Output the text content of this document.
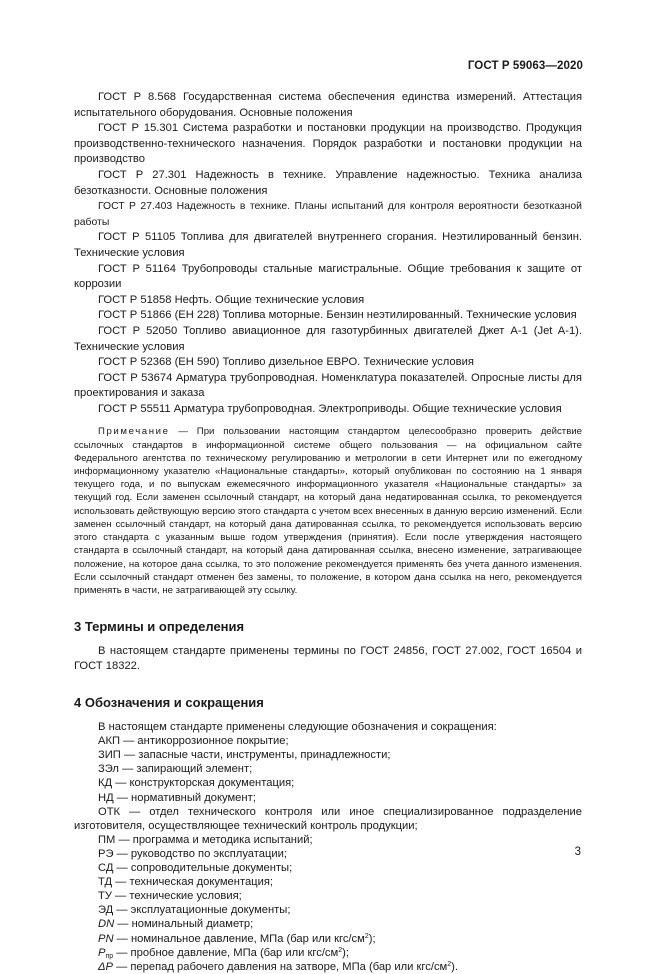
ГОСТ Р 59063—2020

ГОСТ Р 8.568 Государственная система обеспечения единства измерений. Аттестация испытательного оборудования. Основные положения

ГОСТ Р 15.301 Система разработки и постановки продукции на производство. Продукция производственно-технического назначения. Порядок разработки и постановки продукции на производство

ГОСТ Р 27.301 Надежность в технике. Управление надежностью. Техника анализа безотказности. Основные положения

ГОСТ Р 27.403 Надежность в технике. Планы испытаний для контроля вероятности безотказной работы

ГОСТ Р 51105 Топлива для двигателей внутреннего сгорания. Неэтилированный бензин. Технические условия

ГОСТ Р 51164 Трубопроводы стальные магистральные. Общие требования к защите от коррозии

ГОСТ Р 51858 Нефть. Общие технические условия

ГОСТ Р 51866 (ЕН 228) Топлива моторные. Бензин неэтилированный. Технические условия

ГОСТ Р 52050 Топливо авиационное для газотурбинных двигателей Джет А-1 (Jet A-1). Технические условия

ГОСТ Р 52368 (ЕН 590) Топливо дизельное ЕВРО. Технические условия

ГОСТ Р 53674 Арматура трубопроводная. Номенклатура показателей. Опросные листы для проектирования и заказа

ГОСТ Р 55511 Арматура трубопроводная. Электроприводы. Общие технические условия

Примечание — При пользовании настоящим стандартом целесообразно проверить действие ссылочных стандартов в информационной системе общего пользования — на официальном сайте Федерального агентства по техническому регулированию и метрологии в сети Интернет или по ежегодному информационному указателю «Национальные стандарты», который опубликован по состоянию на 1 января текущего года, и по выпускам ежемесячного информационного указателя «Национальные стандарты» за текущий год. Если заменен ссылочный стандарт, на который дана недатированная ссылка, то рекомендуется использовать действующую версию этого стандарта с учетом всех внесенных в данную версию изменений. Если заменен ссылочный стандарт, на который дана датированная ссылка, то рекомендуется использовать версию этого стандарта с указанным выше годом утверждения (принятия). Если после утверждения настоящего стандарта в ссылочный стандарт, на который дана датированная ссылка, внесено изменение, затрагивающее положение, на которое дана ссылка, то это положение рекомендуется применять без учета данного изменения. Если ссылочный стандарт отменен без замены, то положение, в котором дана ссылка на него, рекомендуется применять в части, не затрагивающей эту ссылку.

3 Термины и определения

В настоящем стандарте применены термины по ГОСТ 24856, ГОСТ 27.002, ГОСТ 16504 и ГОСТ 18322.

4 Обозначения и сокращения

В настоящем стандарте применены следующие обозначения и сокращения:

АКП — антикоррозионное покрытие;

ЗИП — запасные части, инструменты, принадлежности;

ЗЭл — запирающий элемент;

КД — конструкторская документация;

НД — нормативный документ;

ОТК — отдел технического контроля или иное специализированное подразделение изготовителя, осуществляющее технический контроль продукции;

ПМ — программа и методика испытаний;

РЭ — руководство по эксплуатации;

СД — сопроводительные документы;

ТД — техническая документация;

ТУ — технические условия;

ЭД — эксплуатационные документы;

DN — номинальный диаметр;

PN — номинальное давление, МПа (бар или кгс/$см^2$);

$P_{пр}$ — пробное давление, МПа (бар или кгс/$см^2$);

ΔP — перепад рабочего давления на затворе, МПа (бар или кгс/$см^2$).

3
